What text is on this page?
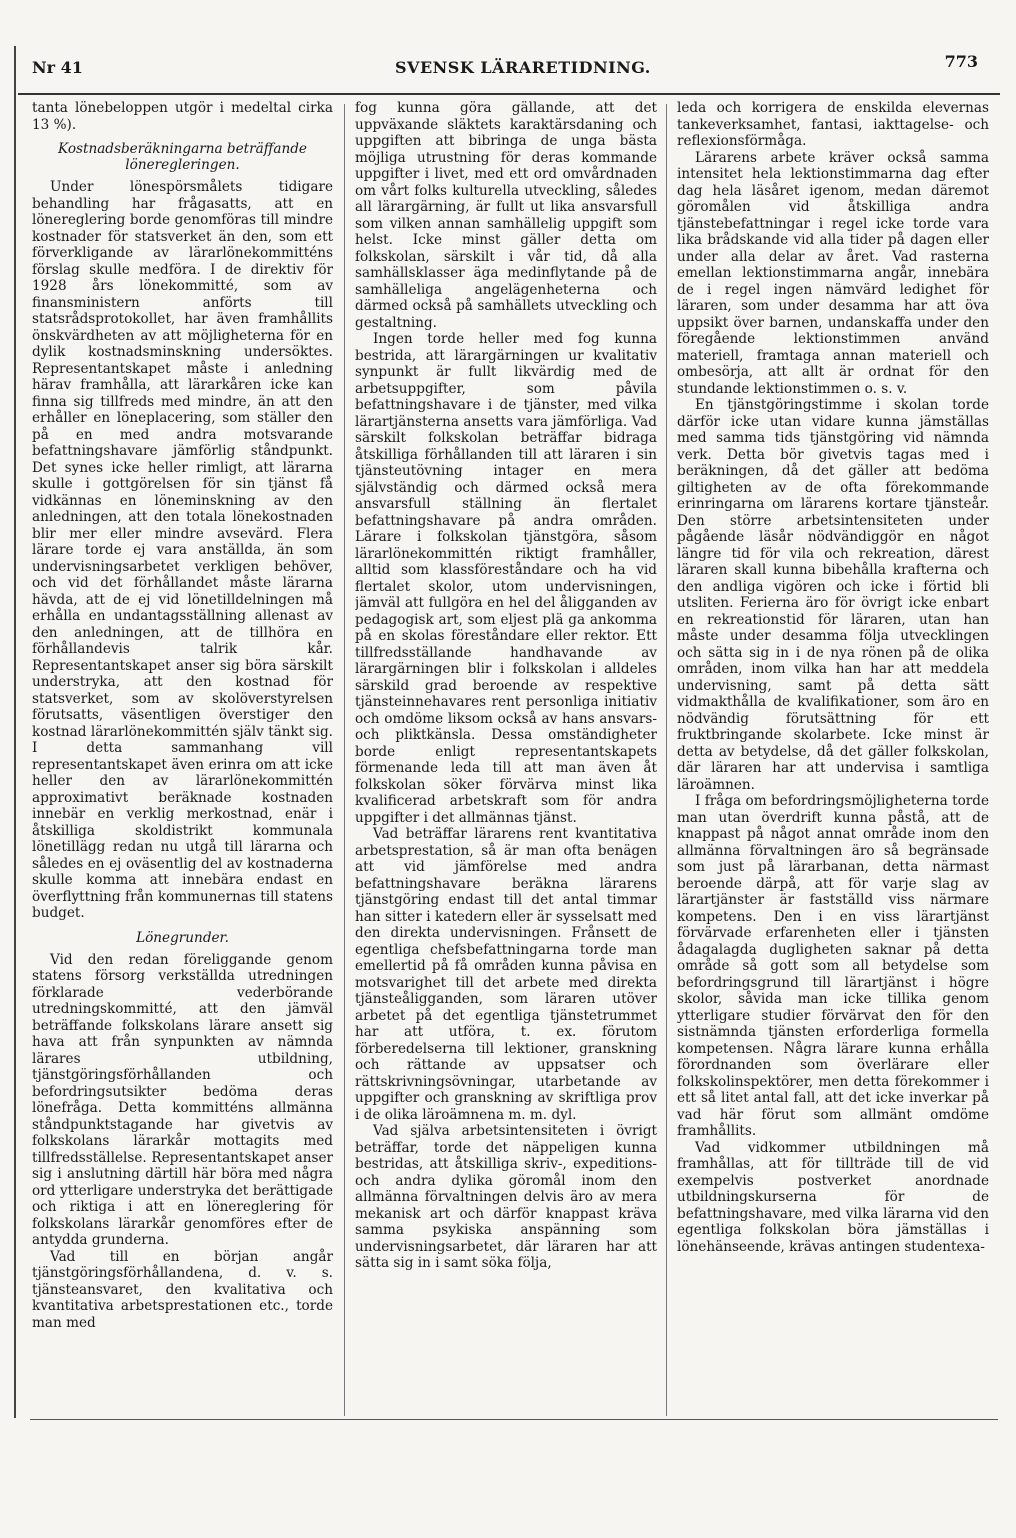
Nr 41	SVENSK LÄRARETIDNING.	773

tanta lönebeloppen utgör i medeltal cirka 13 %).

Kostnadsberäkningarna beträffande löneregleringen.

Under lönespörsmålets tidigare behandling har frågasatts, att en lönereglering borde genomföras till mindre kostnader för statsverket än den, som ett förverkligande av lärarlönekommitténs förslag skulle medföra. I de direktiv för 1928 års lönekommitté, som av finansministern anförts till statsrådsprotokollet, har även framhållits önskvärdheten av att möjligheterna för en dylik kostnadsminskning undersöktes. Representantskapet måste i anledning härav framhålla, att lärarkåren icke kan finna sig tillfreds med mindre, än att den erhåller en löneplacering, som ställer den på en med andra motsvarande befattningshavare jämförlig ståndpunkt. Det synes icke heller rimligt, att lärarna skulle i gottgörelsen för sin tjänst få vidkännas en löneminskning av den anledningen, att den totala lönekostnaden blir mer eller mindre avsevärd. Flera lärare torde ej vara anställda, än som undervisningsarbetet verkligen behöver, och vid det förhållandet måste lärarna hävda, att de ej vid lönetilldelningen må erhålla en undantagsställning allenast av den anledningen, att de tillhöra en förhållandevis talrik kår. Representantskapet anser sig böra särskilt understryka, att den kostnad för statsverket, som av skolöverstyrelsen förutsatts, väsentligen överstiger den kostnad lärarlönekommittén själv tänkt sig. I detta sammanhang vill representantskapet även erinra om att icke heller den av lärarlönekommittén approximativt beräknade kostnaden innebär en verklig merkostnad, enär i åtskilliga skoldistrikt kommunala lönetillägg redan nu utgå till lärarna och således en ej oväsentlig del av kostnaderna skulle komma att innebära endast en överflyttning från kommunernas till statens budget.

Lönegrunder.

Vid den redan föreliggande genom statens försorg verkställda utredningen förklarade vederbörande utredningskommitté, att den jämväl beträffande folkskolans lärare ansett sig hava att från synpunkten av nämnda lärares utbildning, tjänstgöringsförhållanden och befordringsutsikter bedöma deras lönefråga. Detta kommitténs allmänna ståndpunktstagande har givetvis av folkskolans lärarkår mottagits med tillfredsställelse. Representantskapet anser sig i anslutning därtill här böra med några ord ytterligare understryka det berättigade och riktiga i att en lönereglering för folkskolans lärarkår genomföres efter de antydda grunderna.

Vad till en början angår tjänstgöringsförhållandena, d. v. s. tjänsteansvaret, den kvalitativa och kvantitativa arbetsprestationen etc., torde man med

fog kunna göra gällande, att det uppväxande släktets karaktärsdaning och uppgiften att bibringa de unga bästa möjliga utrustning för deras kommande uppgifter i livet, med ett ord omvårdnaden om vårt folks kulturella utveckling, således all lärargärning, är fullt ut lika ansvarsfull som vilken annan samhällelig uppgift som helst. Icke minst gäller detta om folkskolan, särskilt i vår tid, då alla samhällsklasser äga medinflytande på de samhälleliga angelägenheterna och därmed också på samhällets utveckling och gestaltning.

Ingen torde heller med fog kunna bestrida, att lärargärningen ur kvalitativ synpunkt är fullt likvärdig med de arbetsuppgifter, som påvila befattningshavare i de tjänster, med vilka lärartjänsterna ansetts vara jämförliga. Vad särskilt folkskolan beträffar bidraga åtskilliga förhållanden till att läraren i sin tjänsteutövning intager en mera självständig och därmed också mera ansvarsfull ställning än flertalet befattningshavare på andra områden. Lärare i folkskolan tjänstgöra, såsom lärarlönekommittén riktigt framhåller, alltid som klassföreståndare och ha vid flertalet skolor, utom undervisningen, jämväl att fullgöra en hel del åligganden av pedagogisk art, som eljest plä ga ankomma på en skolas föreståndare eller rektor. Ett tillfredsställande handhavande av lärargärningen blir i folkskolan i alldeles särskild grad beroende av respektive tjänsteinnehavares rent personliga initiativ och omdöme liksom också av hans ansvars- och pliktkänsla. Dessa omständigheter borde enligt representantskapets förmenande leda till att man även åt folkskolan söker förvärva minst lika kvalificerad arbetskraft som för andra uppgifter i det allmännas tjänst.

Vad beträffar lärarens rent kvantitativa arbetsprestation, så är man ofta benägen att vid jämförelse med andra befattningshavare beräkna lärarens tjänstgöring endast till det antal timmar han sitter i katedern eller är sysselsatt med den direkta undervisningen. Frånsett de egentliga chefsbefattningarna torde man emellertid på få områden kunna påvisa en motsvarighet till det arbete med direkta tjänsteåligganden, som läraren utöver arbetet på det egentliga tjänstetrummet har att utföra, t. ex. förutom förberedelserna till lektioner, granskning och rättande av uppsatser och rättskrivningsövningar, utarbetande av uppgifter och granskning av skriftliga prov i de olika läroämnena m. m. dyl.

Vad själva arbetsintensiteten i övrigt beträffar, torde det näppeligen kunna bestridas, att åtskilliga skriv-, expeditions- och andra dylika göromål inom den allmänna förvaltningen delvis äro av mera mekanisk art och därför knappast kräva samma psykiska anspänning som undervisningsarbetet, där läraren har att sätta sig in i samt söka följa,

leda och korrigera de enskilda elevernas tankeverksamhet, fantasi, iakttagelse- och reflexionsförmåga.

Lärarens arbete kräver också samma intensitet hela lektionstimmarna dag efter dag hela läsåret igenom, medan däremot göromålen vid åtskilliga andra tjänstebefattningar i regel icke torde vara lika brådskande vid alla tider på dagen eller under alla delar av året. Vad rasterna emellan lektionstimmarna angår, innebära de i regel ingen nämvärd ledighet för läraren, som under desamma har att öva uppsikt över barnen, undanskaffa under den föregående lektionstimmen använd materiell, framtaga annan materiell och ombesörja, att allt är ordnat för den stundande lektionstimmen o. s. v.

En tjänstgöringstimme i skolan torde därför icke utan vidare kunna jämställas med samma tids tjänstgöring vid nämnda verk. Detta bör givetvis tagas med i beräkningen, då det gäller att bedöma giltigheten av de ofta förekommande erinringarna om lärarens kortare tjänsteår. Den större arbetsintensiteten under pågående läsår nödvändiggör en något längre tid för vila och rekreation, därest läraren skall kunna bibehålla krafterna och den andliga vigören och icke i förtid bli utsliten. Ferierna äro för övrigt icke enbart en rekreationstid för läraren, utan han måste under desamma följa utvecklingen och sätta sig in i de nya rönen på de olika områden, inom vilka han har att meddela undervisning, samt på detta sätt vidmakthålla de kvalifikationer, som äro en nödvändig förutsättning för ett fruktbringande skolarbete. Icke minst är detta av betydelse, då det gäller folkskolan, där läraren har att undervisa i samtliga läroämnen.

I fråga om befordringsmöjligheterna torde man utan överdrift kunna påstå, att de knappast på något annat område inom den allmänna förvaltningen äro så begränsade som just på lärarbanan, detta närmast beroende därpå, att för varje slag av lärartjänster är fastställd viss närmare kompetens. Den i en viss lärartjänst förvärvade erfarenheten eller i tjänsten ådagalagda dugligheten saknar på detta område så gott som all betydelse som befordringsgrund till lärartjänst i högre skolor, såvida man icke tillika genom ytterligare studier förvärvat den för den sistnämnda tjänsten erforderliga formella kompetensen. Några lärare kunna erhålla förordnanden som överlärare eller folkskolinspektörer, men detta förekommer i ett så litet antal fall, att det icke inverkar på vad här förut som allmänt omdöme framhållits.

Vad vidkommer utbildningen må framhållas, att för tillträde till de vid exempelvis postverket anordnade utbildningskurserna för de befattningshavare, med vilka lärarna vid den egentliga folkskolan böra jämställas i lönehänseende, krävas antingen studentexa-
